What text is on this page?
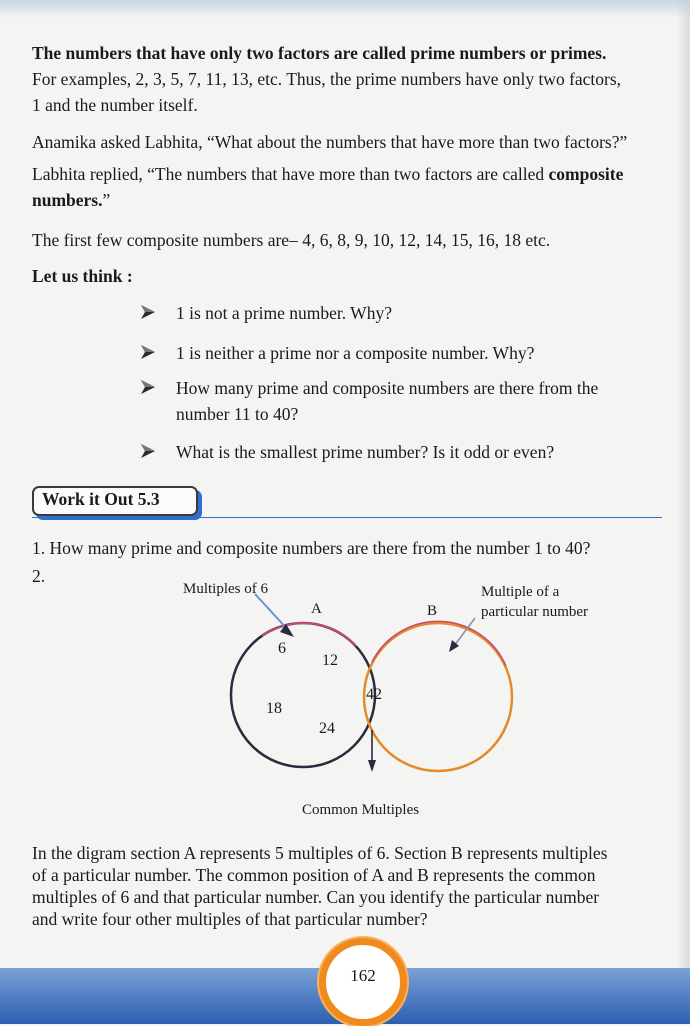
The numbers that have only two factors are called prime numbers or primes.
For examples, 2, 3, 5, 7, 11, 13, etc. Thus, the prime numbers have only two factors,
1 and the number itself.

Anamika asked Labhita, “What about the numbers that have more than two factors?”

Labhita replied, “The numbers that have more than two factors are called composite
numbers.”

The first few composite numbers are– 4, 6, 8, 9, 10, 12, 14, 15, 16, 18 etc.

Let us think :

1 is not a prime number. Why?
1 is neither a prime nor a composite number. Why?
How many prime and composite numbers are there from the
number 11 to 40?
What is the smallest prime number? Is it odd or even?
Work it Out 5.3

1. How many prime and composite numbers are there from the number 1 to 40?

2.

Multiples of 6
A	B
Multiple of a
particular number
6
12
18
24
42
Common Multiples

In the digram section A represents 5 multiples of 6. Section B represents multiples
of a particular number. The common position of A and B represents the common
multiples of 6 and that particular number. Can you identify the particular number
and write four other multiples of that particular number?

162
